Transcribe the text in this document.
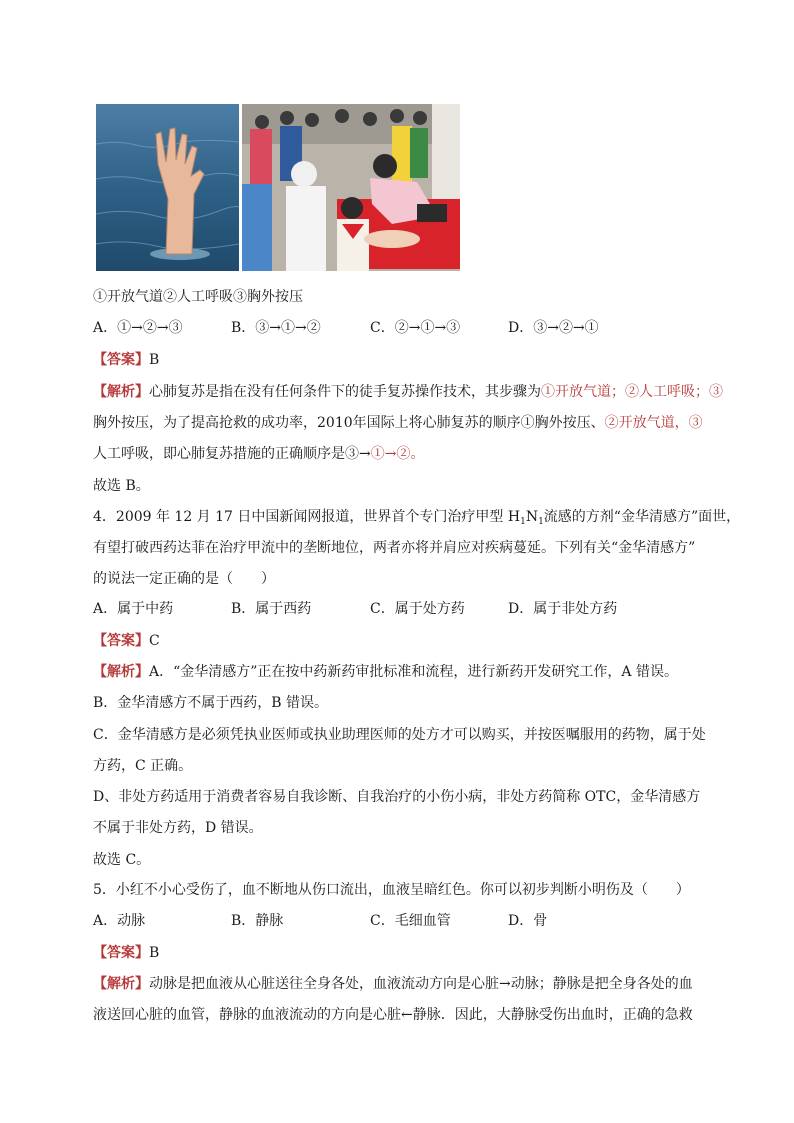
①开放气道②人工呼吸③胸外按压
A．①→②→③	B．③→①→②	C．②→①→③	D．③→②→①
【答案】B
【解析】心肺复苏是指在没有任何条件下的徒手复苏操作技术，其步骤为①开放气道；②人工呼吸；③
胸外按压，为了提高抢救的成功率，2010年国际上将心肺复苏的顺序①胸外按压、②开放气道，③
人工呼吸，即心肺复苏措施的正确顺序是③→①→②。
故选 B。
4．2009 年 12 月 17 日中国新闻网报道，世界首个专门治疗甲型 $H_1N_1$流感的方剂“金华清感方”面世，
有望打破西药达菲在治疗甲流中的垄断地位，两者亦将并肩应对疾病蔓延。下列有关“金华清感方”
的说法一定正确的是（　　）
A．属于中药	B．属于西药	C．属于处方药	D．属于非处方药
【答案】C
【解析】A．“金华清感方”正在按中药新药审批标准和流程，进行新药开发研究工作，A 错误。
B．金华清感方不属于西药，B 错误。
C．金华清感方是必须凭执业医师或执业助理医师的处方才可以购买，并按医嘱服用的药物，属于处
方药，C 正确。
D、非处方药适用于消费者容易自我诊断、自我治疗的小伤小病，非处方药简称 OTC，金华清感方
不属于非处方药，D 错误。
故选 C。
5．小红不小心受伤了，血不断地从伤口流出，血液呈暗红色。你可以初步判断小明伤及（　　）
A．动脉	B．静脉	C．毛细血管	D．骨
【答案】B
【解析】动脉是把血液从心脏送往全身各处，血液流动方向是心脏→动脉；静脉是把全身各处的血
液送回心脏的血管，静脉的血液流动的方向是心脏←静脉．因此，大静脉受伤出血时，正确的急救
